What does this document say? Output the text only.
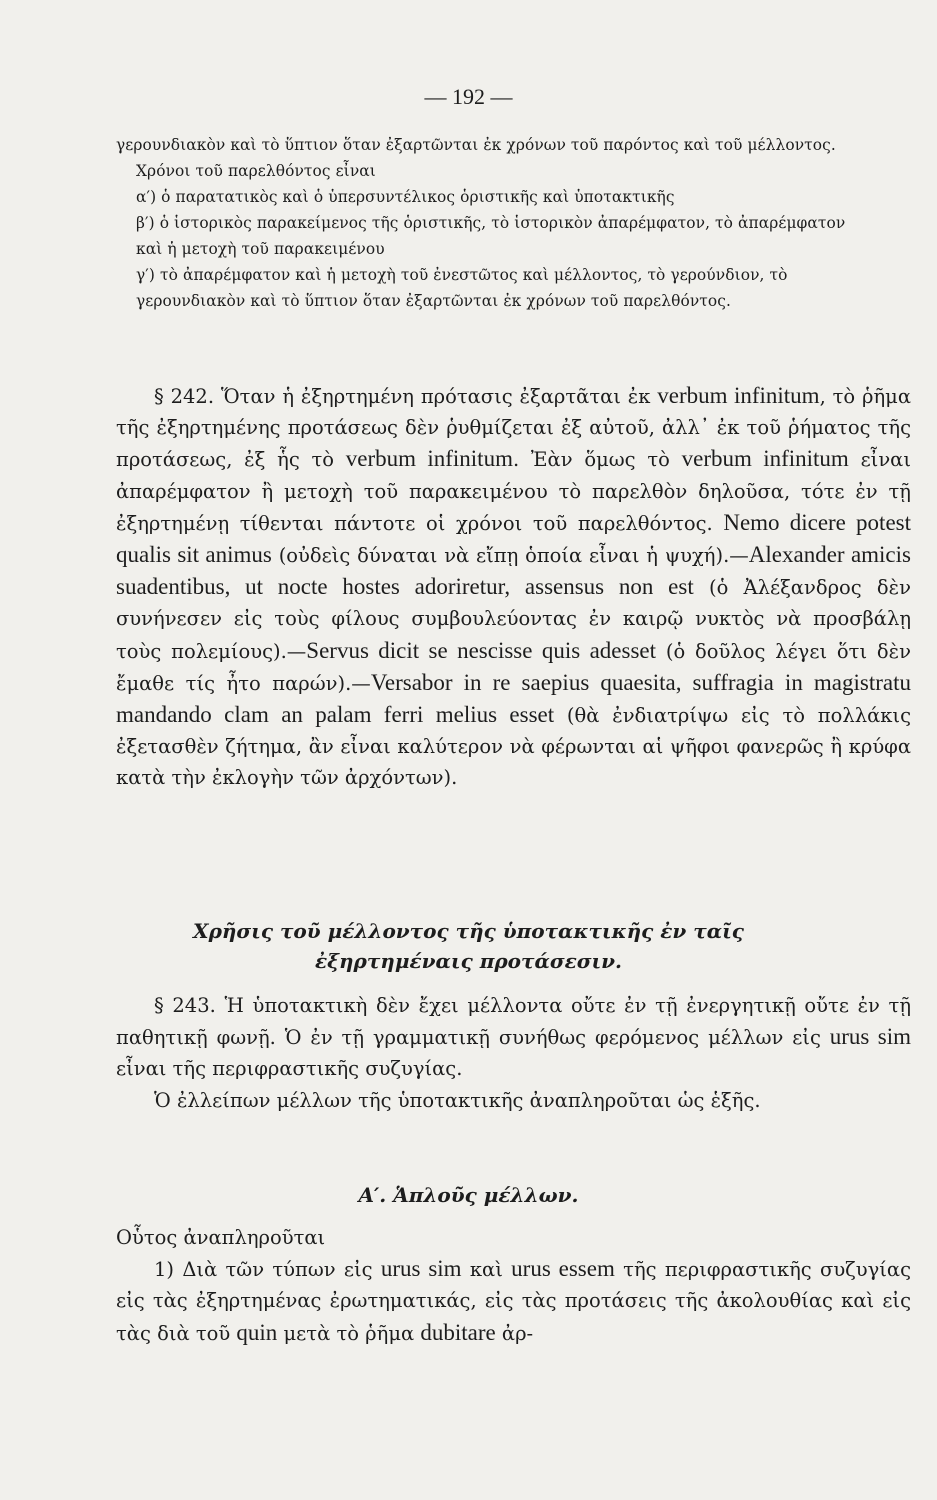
— 192 —

γερουνδιακὸν καὶ τὸ ὕπτιον ὅταν ἐξαρτῶνται ἐκ χρόνων τοῦ παρόντος καὶ τοῦ μέλλοντος.

Χρόνοι τοῦ παρελθόντος εἶναι

α′) ὁ παρατατικὸς καὶ ὁ ὑπερσυντέλικος ὁριστικῆς καὶ ὑποτακτικῆς

β′) ὁ ἱστορικὸς παρακείμενος τῆς ὁριστικῆς, τὸ ἱστορικὸν ἀπαρέμφατον, τὸ ἀπαρέμφατον καὶ ἡ μετοχὴ τοῦ παρακειμένου

γ′) τὸ ἀπαρέμφατον καὶ ἡ μετοχὴ τοῦ ἐνεστῶτος καὶ μέλλοντος, τὸ γερούνδιον, τὸ γερουνδιακὸν καὶ τὸ ὕπτιον ὅταν ἐξαρτῶνται ἐκ χρόνων τοῦ παρελθόντος.

§ 242. Ὅταν ἡ ἐξηρτημένη πρότασις ἐξαρτᾶται ἐκ verbum infinitum, τὸ ῥῆμα τῆς ἐξηρτημένης προτάσεως δὲν ῥυθμίζεται ἐξ αὐτοῦ, ἀλλ᾽ ἐκ τοῦ ῥήματος τῆς προτάσεως, ἐξ ἧς τὸ verbum infinitum. Ἐὰν ὅμως τὸ verbum infinitum εἶναι ἀπαρέμφατον ἢ μετοχὴ τοῦ παρακειμένου τὸ παρελθὸν δηλοῦσα, τότε ἐν τῇ ἐξηρτημένῃ τίθενται πάντοτε οἱ χρόνοι τοῦ παρελθόντος. Nemo dicere potest qualis sit animus (οὐδεὶς δύναται νὰ εἴπῃ ὁποία εἶναι ἡ ψυχή).—Alexander amicis suadentibus, ut nocte hostes adoriretur, assensus non est (ὁ Ἀλέξανδρος δὲν συνήνεσεν εἰς τοὺς φίλους συμβουλεύοντας ἐν καιρῷ νυκτὸς νὰ προσβάλῃ τοὺς πολεμίους).—Servus dicit se nescisse quis adesset (ὁ δοῦλος λέγει ὅτι δὲν ἔμαθε τίς ἦτο παρών).—Versabor in re saepius quaesita, suffragia in magistratu mandando clam an palam ferri melius esset (θὰ ἐνδιατρίψω εἰς τὸ πολλάκις ἐξετασθὲν ζήτημα, ἂν εἶναι καλύτερον νὰ φέρωνται αἱ ψῆφοι φανερῶς ἢ κρύφα κατὰ τὴν ἐκλογὴν τῶν ἀρχόντων).

Χρῆσις τοῦ μέλλοντος τῆς ὑποτακτικῆς ἐν ταῖς

ἐξηρτημέναις προτάσεσιν.

§ 243. Ἡ ὑποτακτικὴ δὲν ἔχει μέλλοντα οὔτε ἐν τῇ ἐνεργητικῇ οὔτε ἐν τῇ παθητικῇ φωνῇ. Ὁ ἐν τῇ γραμματικῇ συνήθως φερόμενος μέλλων εἰς urus sim εἶναι τῆς περιφραστικῆς συζυγίας.

Ὁ ἐλλείπων μέλλων τῆς ὑποτακτικῆς ἀναπληροῦται ὡς ἑξῆς.

Α′. Ἁπλοῦς μέλλων.

Οὗτος ἀναπληροῦται

1) Διὰ τῶν τύπων εἰς urus sim καὶ urus essem τῆς περιφραστικῆς συζυγίας εἰς τὰς ἐξηρτημένας ἐρωτηματικάς, εἰς τὰς προτάσεις τῆς ἀκολουθίας καὶ εἰς τὰς διὰ τοῦ quin μετὰ τὸ ῥῆμα dubitare ἀρ-
